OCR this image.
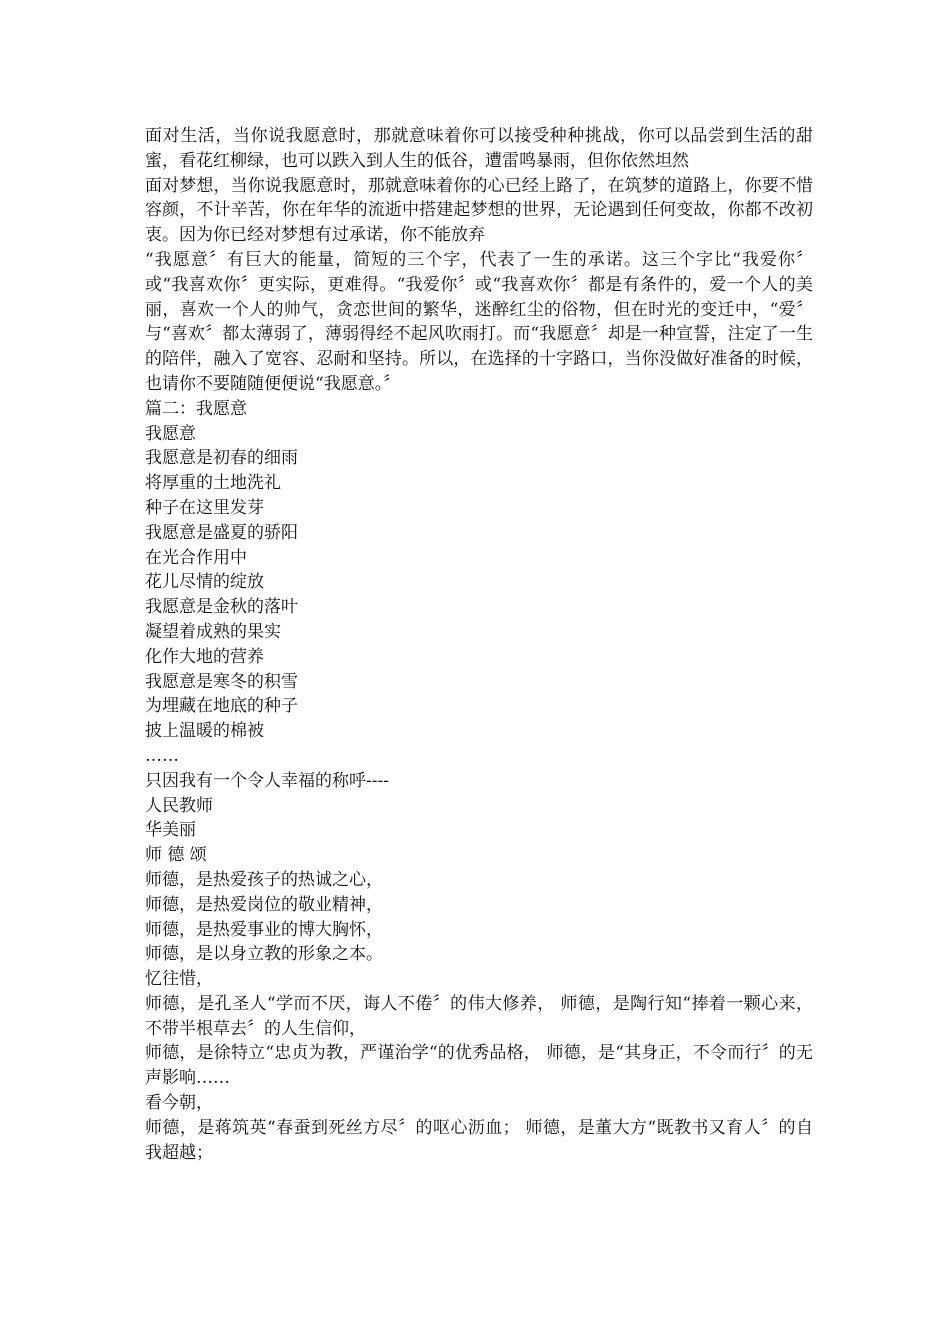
面对生活，当你说我愿意时，那就意味着你可以接受种种挑战，你可以品尝到生活的甜蜜，看花红柳绿，也可以跌入到人生的低谷，遭雷鸣暴雨，但你依然坦然

面对梦想，当你说我愿意时，那就意味着你的心已经上路了，在筑梦的道路上，你要不惜容颜，不计辛苦，你在年华的流逝中搭建起梦想的世界，无论遇到任何变故，你都不改初衷。因为你已经对梦想有过承诺，你不能放弃

“我愿意〞有巨大的能量，简短的三个字，代表了一生的承诺。这三个字比“我爱你〞或“我喜欢你〞更实际，更难得。“我爱你〞或“我喜欢你〞都是有条件的，爱一个人的美丽，喜欢一个人的帅气，贪恋世间的繁华，迷醉红尘的俗物，但在时光的变迁中，“爱〞与“喜欢〞都太薄弱了，薄弱得经不起风吹雨打。而“我愿意〞却是一种宣誓，注定了一生的陪伴，融入了宽容、忍耐和坚持。所以，在选择的十字路口，当你没做好准备的时候，也请你不要随随便便说“我愿意。〞

篇二：我愿意

我愿意

我愿意是初春的细雨

将厚重的土地洗礼

种子在这里发芽

我愿意是盛夏的骄阳

在光合作用中

花儿尽情的绽放

我愿意是金秋的落叶

凝望着成熟的果实

化作大地的营养

我愿意是寒冬的积雪

为埋藏在地底的种子

披上温暖的棉被

……

只因我有一个令人幸福的称呼----

人民教师

华美丽

师 德 颂

师德，是热爱孩子的热诚之心，

师德，是热爱岗位的敬业精神，

师德，是热爱事业的博大胸怀，

师德，是以身立教的形象之本。

忆往惜，

师德，是孔圣人“学而不厌，诲人不倦〞的伟大修养， 师德，是陶行知“捧着一颗心来，不带半根草去〞的人生信仰，

师德，是徐特立“忠贞为教，严谨治学“的优秀品格， 师德，是“其身正，不令而行〞的无声影响……

看今朝，

师德，是蒋筑英“春蚕到死丝方尽〞的呕心沥血； 师德，是董大方“既教书又育人〞的自我超越；
